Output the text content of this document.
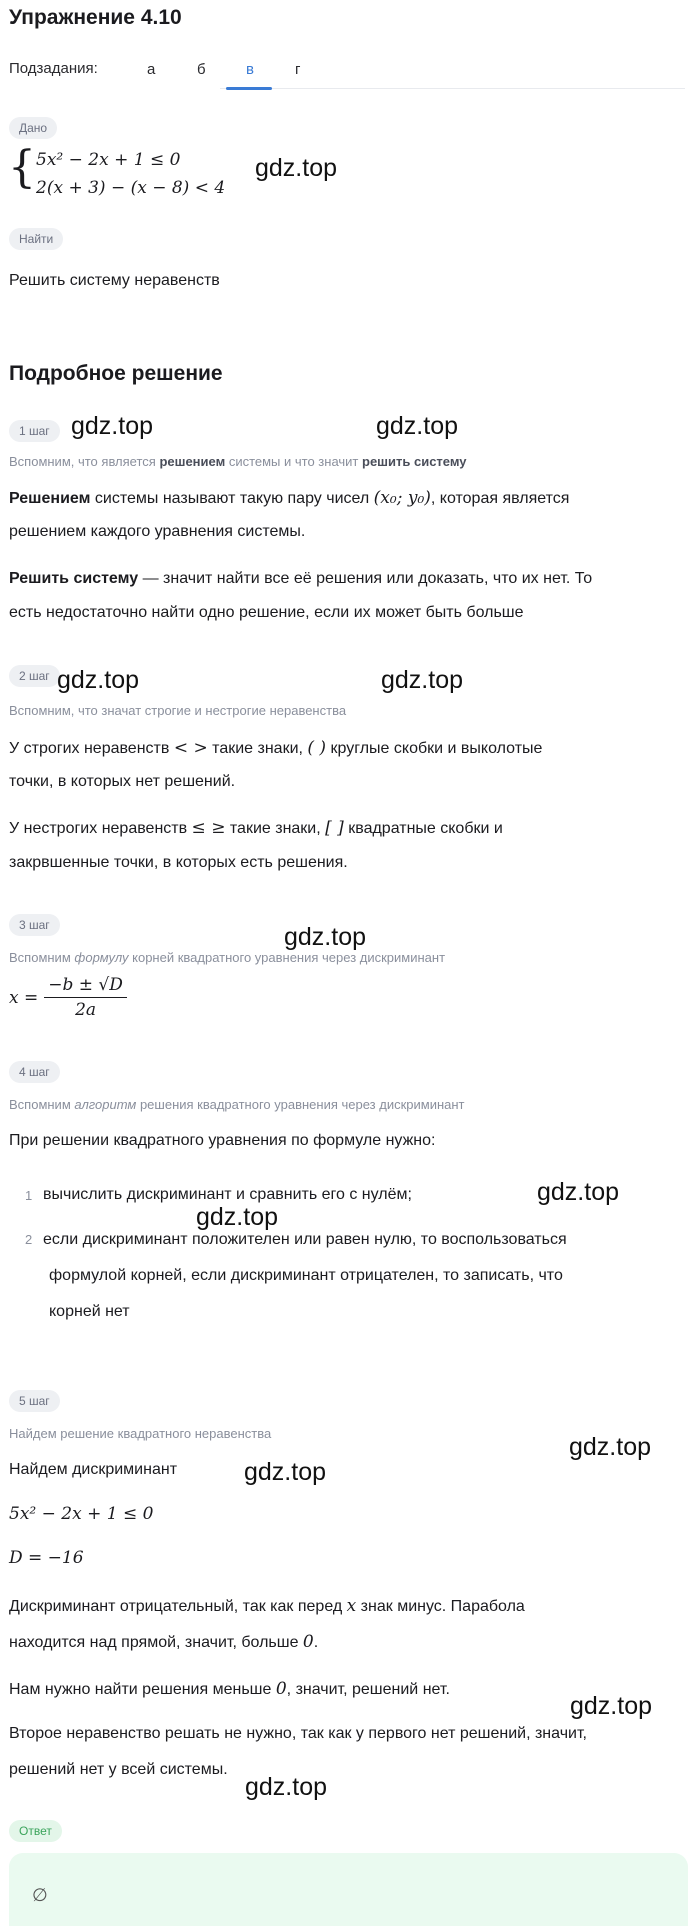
Упражнение 4.10
Подзадания:	а	б	в	г
Дано
{ 5x² − 2x + 1 ≤ 0
2(x + 3) − (x − 8) < 4
Найти
Решить систему неравенств
Подробное решение
1 шаг
Вспомним, что является решением системы и что значит решить систему
Решением системы называют такую пару чисел (x₀; y₀), которая является
решением каждого уравнения системы.
Решить систему — значит найти все её решения или доказать, что их нет. То
есть недостаточно найти одно решение, если их может быть больше
2 шаг
Вспомним, что значат строгие и нестрогие неравенства
У строгих неравенств < > такие знаки, ( ) круглые скобки и выколотые
точки, в которых нет решений.
У нестрогих неравенств ≤ ≥ такие знаки, [ ] квадратные скобки и
закрвшенные точки, в которых есть решения.
3 шаг
Вспомним формулу корней квадратного уравнения через дискриминант
$x = \frac{-b \pm √D}{2a}$
4 шаг
Вспомним алгоритм решения квадратного уравнения через дискриминант
При решении квадратного уравнения по формуле нужно:
1 вычислить дискриминант и сравнить его с нулём;
2 если дискриминант положителен или равен нулю, то воспользоваться
формулой корней, если дискриминант отрицателен, то записать, что
корней нет
5 шаг
Найдем решение квадратного неравенства
Найдем дискриминант
5x² − 2x + 1 ≤ 0
D = −16
Дискриминант отрицательный, так как перед x знак минус. Парабола
находится над прямой, значит, больше 0.
Нам нужно найти решения меньше 0, значит, решений нет.
Второе неравенство решать не нужно, так как у первого нет решений, значит,
решений нет у всей системы.
Ответ
∅
gdz.top
gdz.top	gdz.top
gdz.top	gdz.top
gdz.top
gdz.top
gdz.top
gdz.top
gdz.top
gdz.top
gdz.top
